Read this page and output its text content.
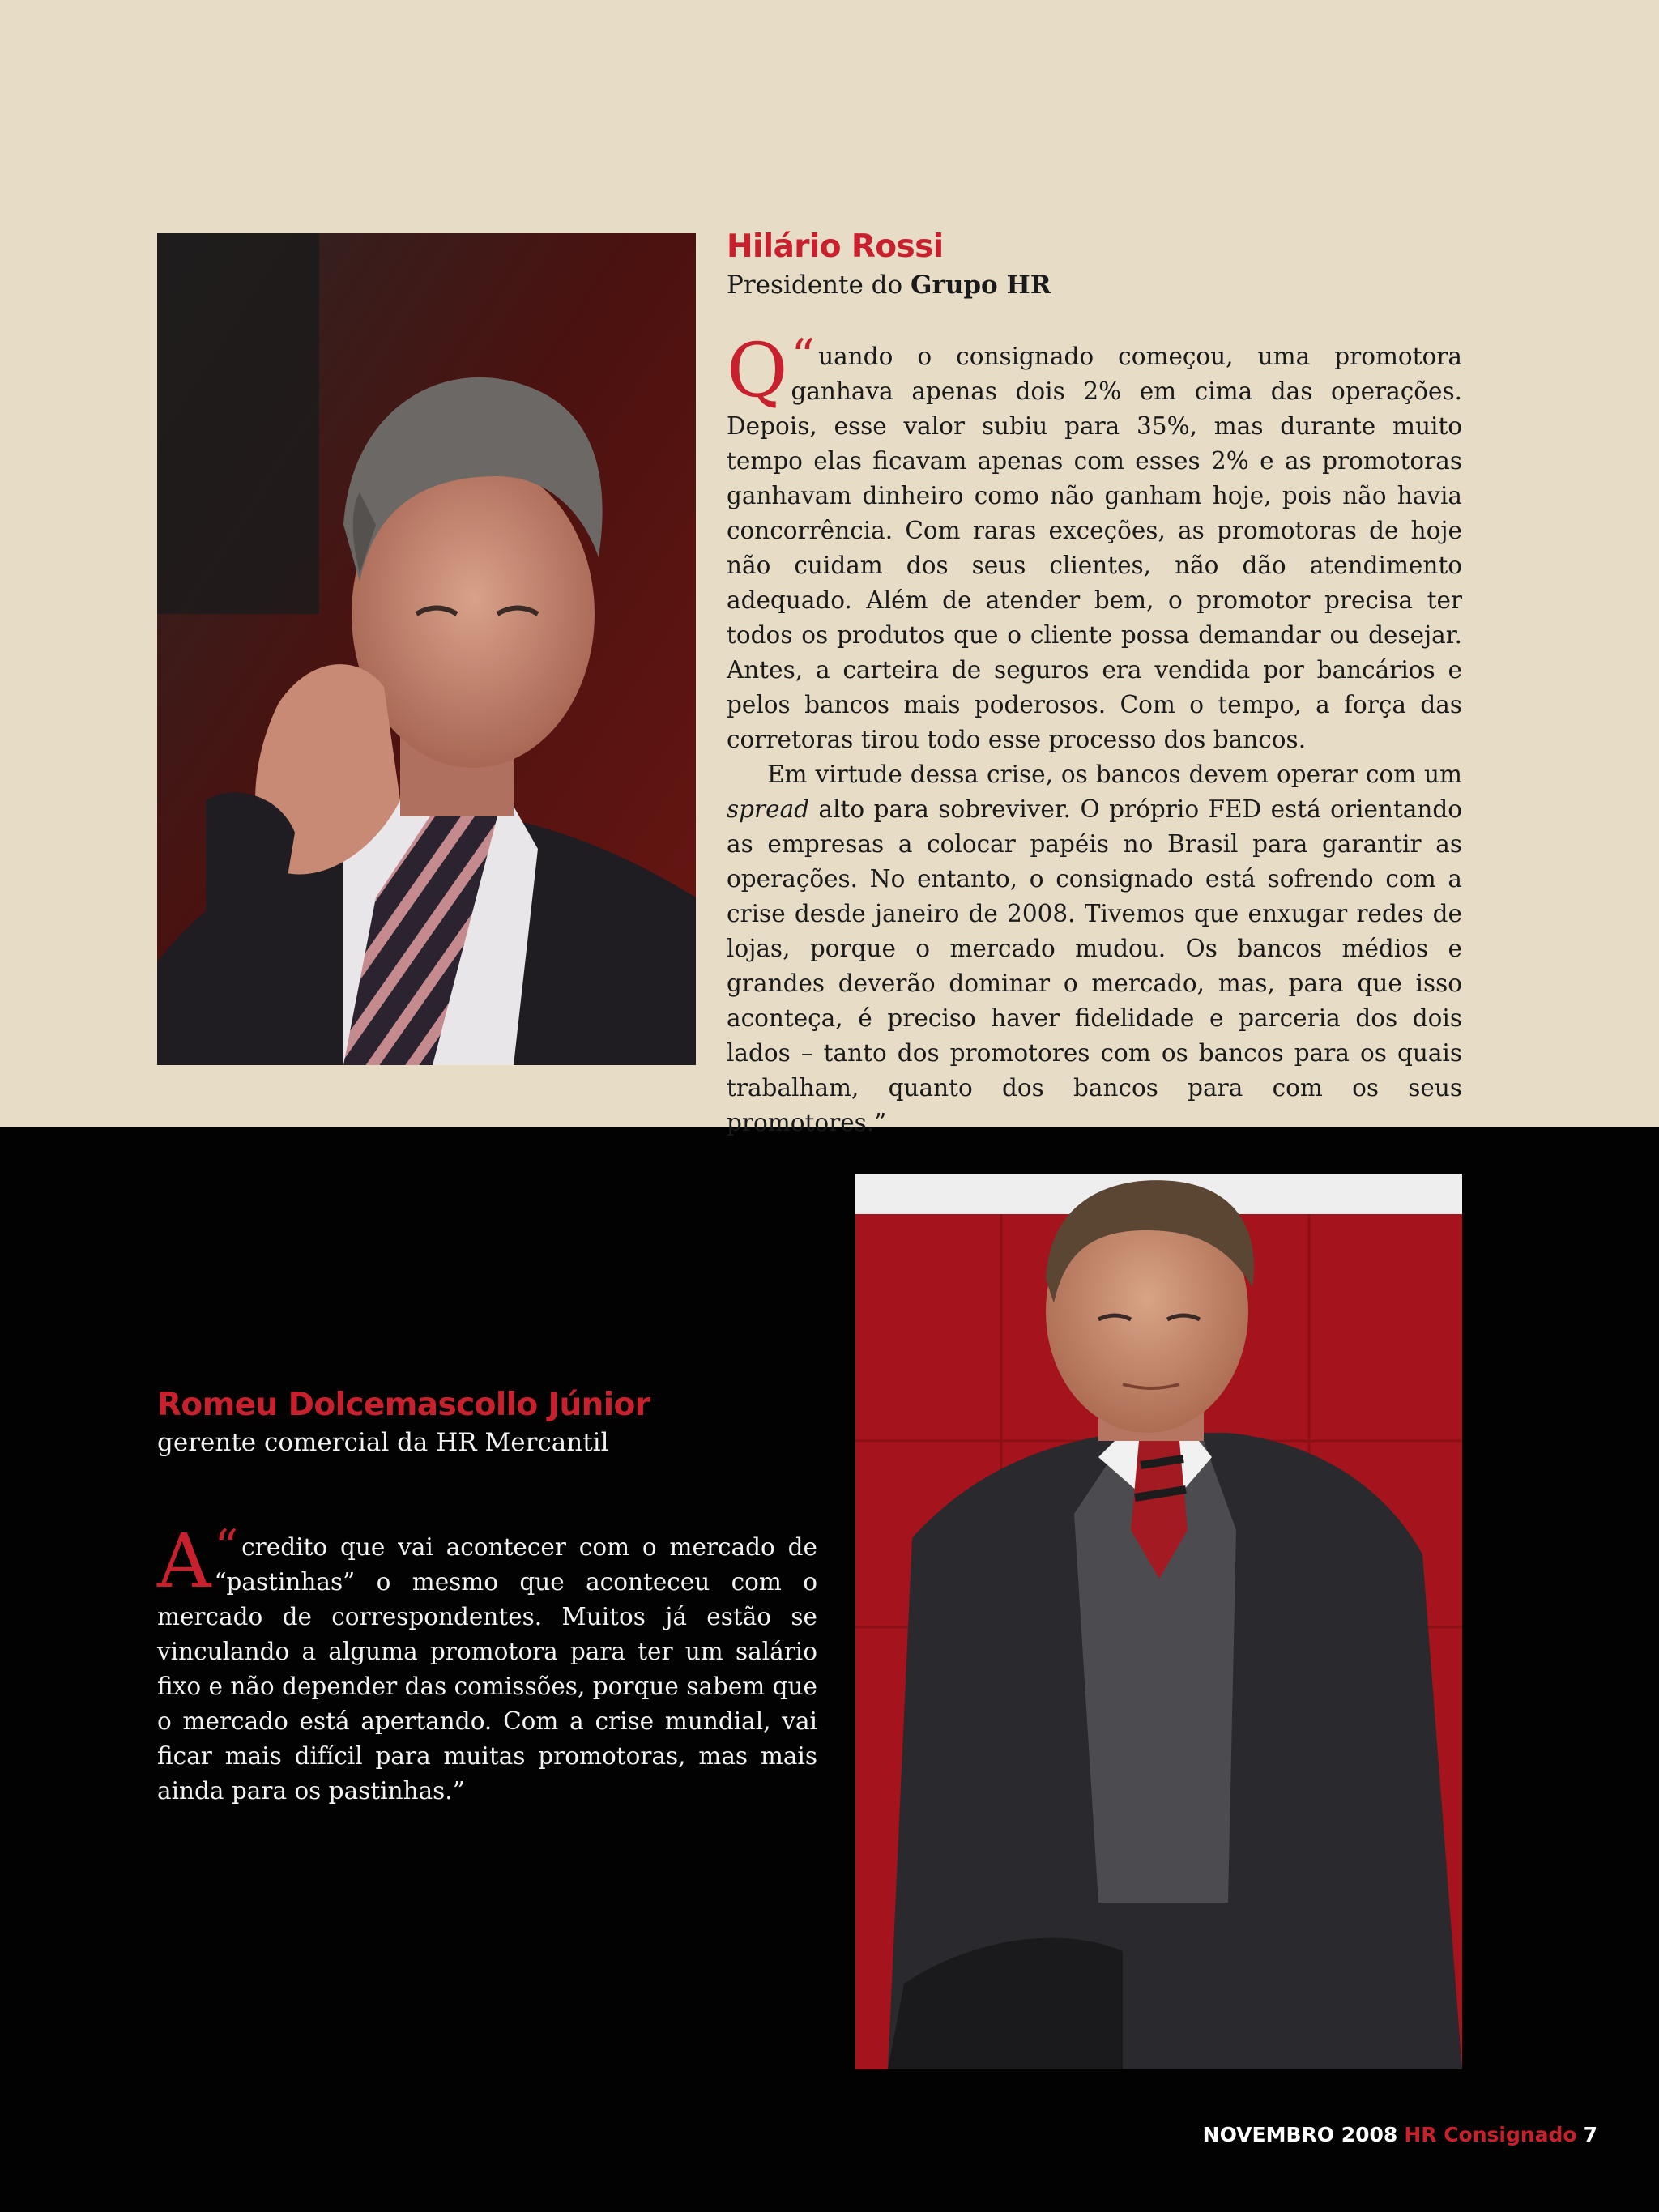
Hilário Rossi

Presidente do Grupo HR

“
Q uando o consignado começou, uma promotora ganhava apenas dois 2% em cima das operações. Depois, esse valor subiu para 35%, mas durante muito tempo elas ficavam apenas com esses 2% e as promotoras ganhavam dinheiro como não ganham hoje, pois não havia concorrência. Com raras exceções, as promotoras de hoje não cuidam dos seus clientes, não dão atendimento adequado. Além de atender bem, o promotor precisa ter todos os produtos que o cliente possa demandar ou desejar. Antes, a carteira de seguros era vendida por bancários e pelos bancos mais poderosos. Com o tempo, a força das corretoras tirou todo esse processo dos bancos.

Em virtude dessa crise, os bancos devem operar com um spread alto para sobreviver. O próprio FED está orientando as empresas a colocar papéis no Brasil para garantir as operações. No entanto, o consignado está sofrendo com a crise desde janeiro de 2008. Tivemos que enxugar redes de lojas, porque o mercado mudou. Os bancos médios e grandes deverão dominar o mercado, mas, para que isso aconteça, é preciso haver fidelidade e parceria dos dois lados – tanto dos promotores com os bancos para os quais trabalham, quanto dos bancos para com os seus promotores.”

Romeu Dolcemascollo Júnior

gerente comercial da HR Mercantil

“
A credito que vai acontecer com o mercado de “pastinhas” o mesmo que aconteceu com o mercado de correspondentes. Muitos já estão se vinculando a alguma promotora para ter um salário fixo e não depender das comissões, porque sabem que o mercado está apertando. Com a crise mundial, vai ficar mais difícil para muitas promotoras, mas mais ainda para os pastinhas.”

NOVEMBRO 2008 HR Consignado 7
